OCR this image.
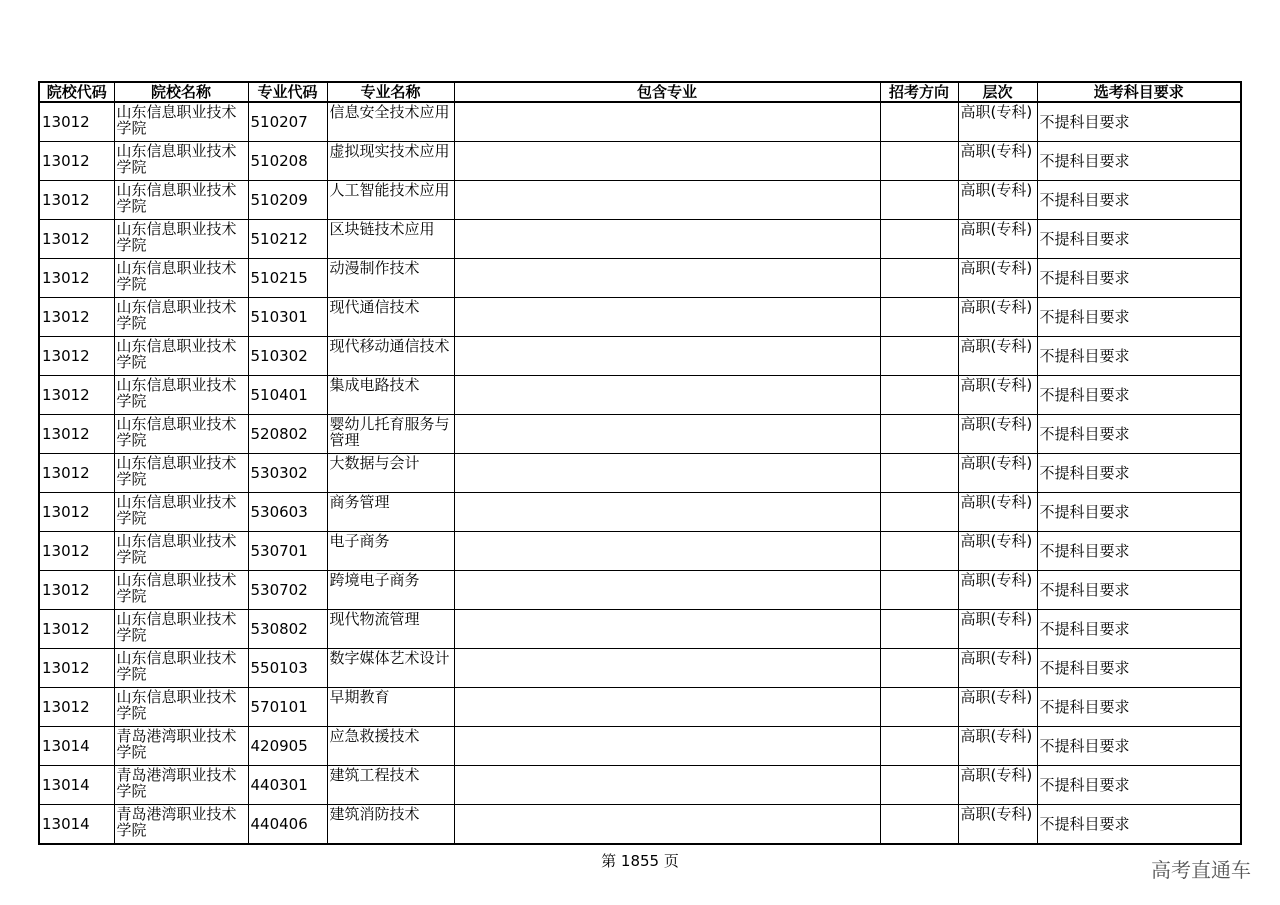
院校代码	院校名称	专业代码	专业名称	包含专业	招考方向	层次	选考科目要求
13012	山东信息职业技术学院	510207	信息安全技术应用			高职(专科)	不提科目要求
13012	山东信息职业技术学院	510208	虚拟现实技术应用			高职(专科)	不提科目要求
13012	山东信息职业技术学院	510209	人工智能技术应用			高职(专科)	不提科目要求
13012	山东信息职业技术学院	510212	区块链技术应用			高职(专科)	不提科目要求
13012	山东信息职业技术学院	510215	动漫制作技术			高职(专科)	不提科目要求
13012	山东信息职业技术学院	510301	现代通信技术			高职(专科)	不提科目要求
13012	山东信息职业技术学院	510302	现代移动通信技术			高职(专科)	不提科目要求
13012	山东信息职业技术学院	510401	集成电路技术			高职(专科)	不提科目要求
13012	山东信息职业技术学院	520802	婴幼儿托育服务与管理			高职(专科)	不提科目要求
13012	山东信息职业技术学院	530302	大数据与会计			高职(专科)	不提科目要求
13012	山东信息职业技术学院	530603	商务管理			高职(专科)	不提科目要求
13012	山东信息职业技术学院	530701	电子商务			高职(专科)	不提科目要求
13012	山东信息职业技术学院	530702	跨境电子商务			高职(专科)	不提科目要求
13012	山东信息职业技术学院	530802	现代物流管理			高职(专科)	不提科目要求
13012	山东信息职业技术学院	550103	数字媒体艺术设计			高职(专科)	不提科目要求
13012	山东信息职业技术学院	570101	早期教育			高职(专科)	不提科目要求
13014	青岛港湾职业技术学院	420905	应急救援技术			高职(专科)	不提科目要求
13014	青岛港湾职业技术学院	440301	建筑工程技术			高职(专科)	不提科目要求
13014	青岛港湾职业技术学院	440406	建筑消防技术			高职(专科)	不提科目要求
第 1855 页	高考直通车
